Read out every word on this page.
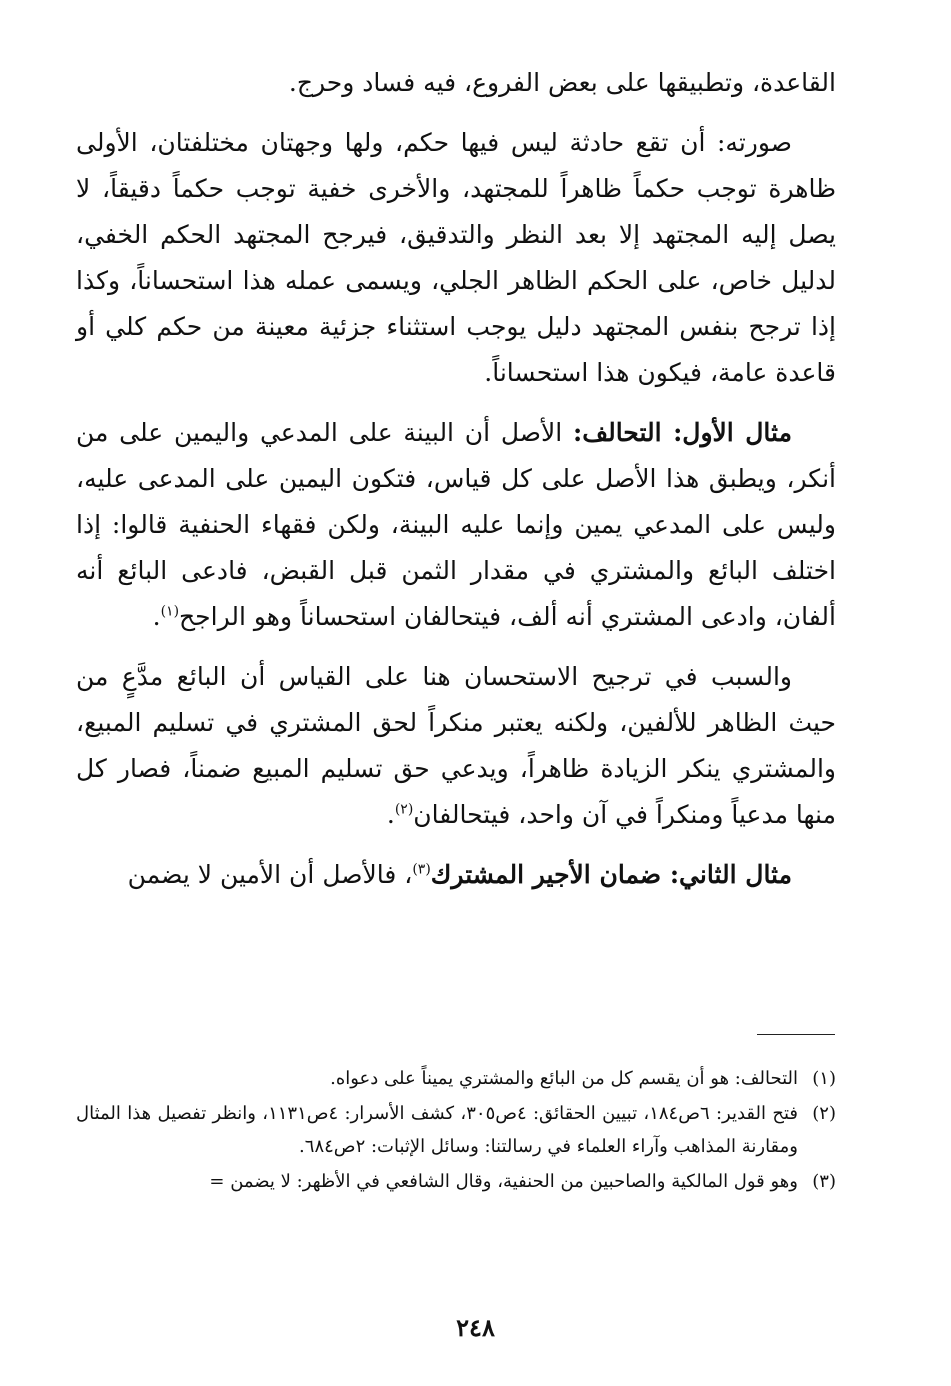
القاعدة، وتطبيقها على بعض الفروع، فيه فساد وحرج.

صورته: أن تقع حادثة ليس فيها حكم، ولها وجهتان مختلفتان، الأولى ظاهرة توجب حكماً ظاهراً للمجتهد، والأخرى خفية توجب حكماً دقيقاً، لا يصل إليه المجتهد إلا بعد النظر والتدقيق، فيرجح المجتهد الحكم الخفي، لدليل خاص، على الحكم الظاهر الجلي، ويسمى عمله هذا استحساناً، وكذا إذا ترجح بنفس المجتهد دليل يوجب استثناء جزئية معينة من حكم كلي أو قاعدة عامة، فيكون هذا استحساناً.

مثال الأول: التحالف: الأصل أن البينة على المدعي واليمين على من أنكر، ويطبق هذا الأصل على كل قياس، فتكون اليمين على المدعى عليه، وليس على المدعي يمين وإنما عليه البينة، ولكن فقهاء الحنفية قالوا: إذا اختلف البائع والمشتري في مقدار الثمن قبل القبض، فادعى البائع أنه ألفان، وادعى المشتري أنه ألف، فيتحالفان استحساناً وهو الراجح$^{(١)}$.

والسبب في ترجيح الاستحسان هنا على القياس أن البائع مدَّعٍ من حيث الظاهر للألفين، ولكنه يعتبر منكراً لحق المشتري في تسليم المبيع، والمشتري ينكر الزيادة ظاهراً، ويدعي حق تسليم المبيع ضمناً، فصار كل منها مدعياً ومنكراً في آن واحد، فيتحالفان$^{(٢)}$.

مثال الثاني: ضمان الأجير المشترك$^{(٣)}$، فالأصل أن الأمين لا يضمن

(١)
التحالف: هو أن يقسم كل من البائع والمشتري يميناً على دعواه.
(٢)
فتح القدير: ٦ص١٨٤، تبيين الحقائق: ٤ص٣٠٥، كشف الأسرار: ٤ص١١٣١، وانظر تفصيل هذا المثال ومقارنة المذاهب وآراء العلماء في رسالتنا: وسائل الإثبات: ٢ص٦٨٤.
(٣)
وهو قول المالكية والصاحبين من الحنفية، وقال الشافعي في الأظهر: لا يضمن =
٢٤٨
